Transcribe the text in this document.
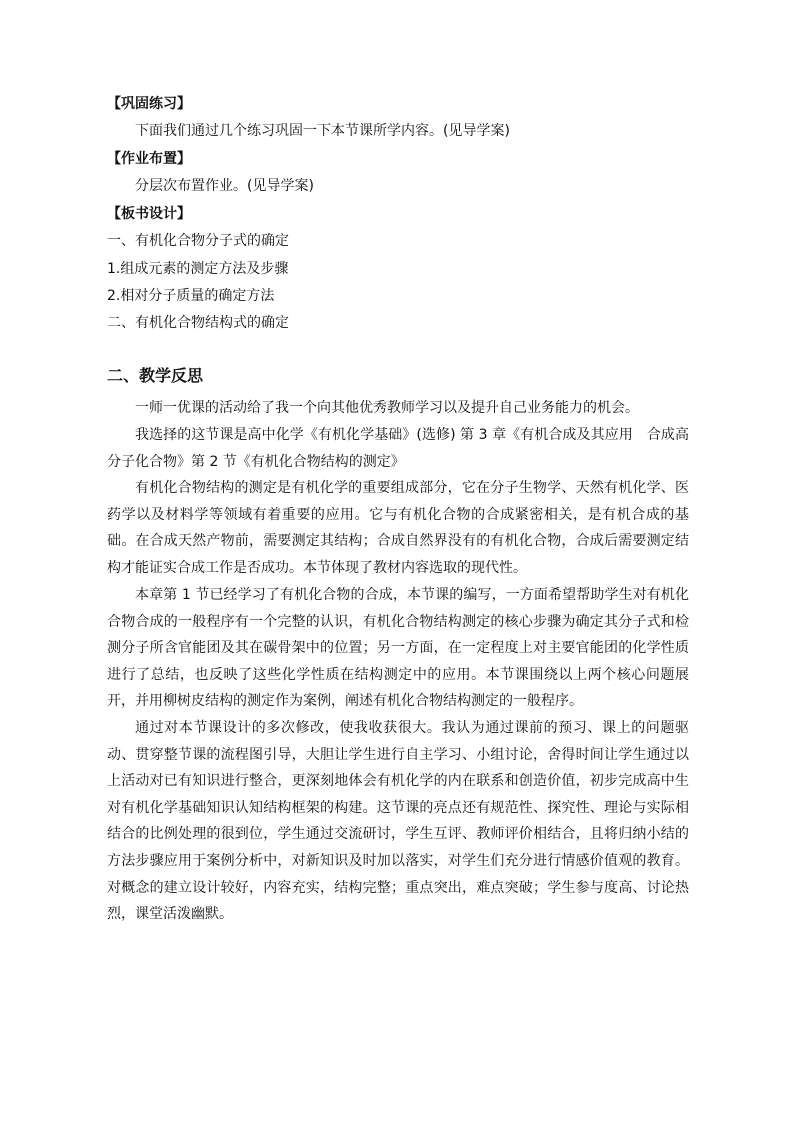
【巩固练习】
下面我们通过几个练习巩固一下本节课所学内容。(见导学案)
【作业布置】
分层次布置作业。(见导学案)
【板书设计】
一、有机化合物分子式的确定
1.组成元素的测定方法及步骤
2.相对分子质量的确定方法
二、有机化合物结构式的确定
二、教学反思
一师一优课的活动给了我一个向其他优秀教师学习以及提升自己业务能力的机会。
我选择的这节课是高中化学《有机化学基础》(选修) 第 3 章《有机合成及其应用　合成高分子化合物》第 2 节《有机化合物结构的测定》
有机化合物结构的测定是有机化学的重要组成部分，它在分子生物学、天然有机化学、医药学以及材料学等领域有着重要的应用。它与有机化合物的合成紧密相关，是有机合成的基础。在合成天然产物前，需要测定其结构；合成自然界没有的有机化合物，合成后需要测定结构才能证实合成工作是否成功。本节体现了教材内容选取的现代性。
本章第 1 节已经学习了有机化合物的合成，本节课的编写，一方面希望帮助学生对有机化合物合成的一般程序有一个完整的认识，有机化合物结构测定的核心步骤为确定其分子式和检测分子所含官能团及其在碳骨架中的位置；另一方面，在一定程度上对主要官能团的化学性质进行了总结，也反映了这些化学性质在结构测定中的应用。本节课围绕以上两个核心问题展开，并用柳树皮结构的测定作为案例，阐述有机化合物结构测定的一般程序。
通过对本节课设计的多次修改，使我收获很大。我认为通过课前的预习、课上的问题驱动、贯穿整节课的流程图引导，大胆让学生进行自主学习、小组讨论，舍得时间让学生通过以上活动对已有知识进行整合，更深刻地体会有机化学的内在联系和创造价值，初步完成高中生对有机化学基础知识认知结构框架的构建。这节课的亮点还有规范性、探究性、理论与实际相结合的比例处理的很到位，学生通过交流研讨，学生互评、教师评价相结合，且将归纳小结的方法步骤应用于案例分析中，对新知识及时加以落实，对学生们充分进行情感价值观的教育。对概念的建立设计较好，内容充实，结构完整；重点突出，难点突破；学生参与度高、讨论热烈，课堂活泼幽默。
